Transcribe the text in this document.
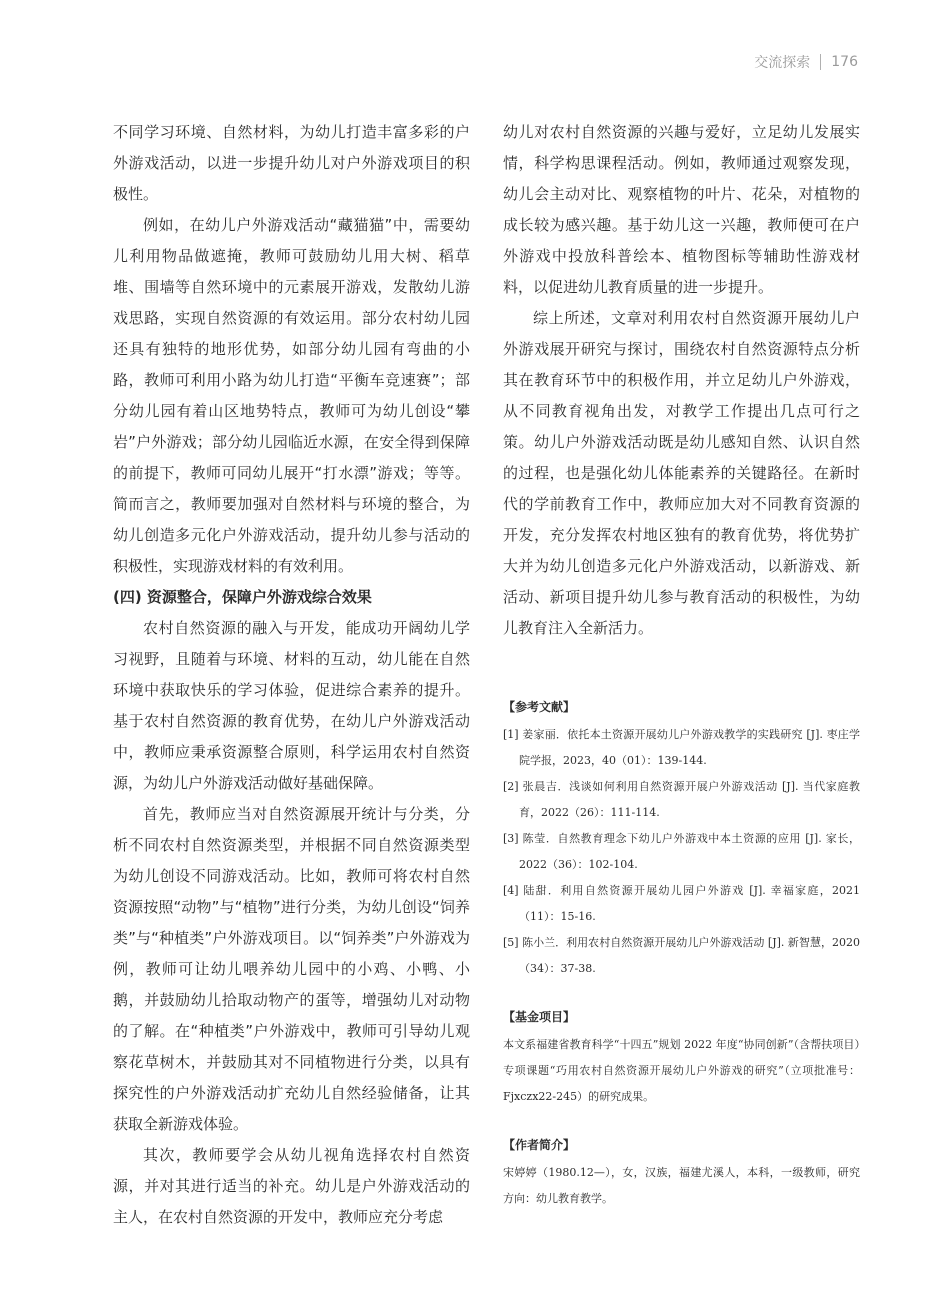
交流探索 176

不同学习环境、自然材料，为幼儿打造丰富多彩的户外游戏活动，以进一步提升幼儿对户外游戏项目的积极性。

例如，在幼儿户外游戏活动“藏猫猫”中，需要幼儿利用物品做遮掩，教师可鼓励幼儿用大树、稻草堆、围墙等自然环境中的元素展开游戏，发散幼儿游戏思路，实现自然资源的有效运用。部分农村幼儿园还具有独特的地形优势，如部分幼儿园有弯曲的小路，教师可利用小路为幼儿打造“平衡车竞速赛”；部分幼儿园有着山区地势特点，教师可为幼儿创设“攀岩”户外游戏；部分幼儿园临近水源，在安全得到保障的前提下，教师可同幼儿展开“打水漂”游戏；等等。简而言之，教师要加强对自然材料与环境的整合，为幼儿创造多元化户外游戏活动，提升幼儿参与活动的积极性，实现游戏材料的有效利用。

(四) 资源整合，保障户外游戏综合效果

农村自然资源的融入与开发，能成功开阔幼儿学习视野，且随着与环境、材料的互动，幼儿能在自然环境中获取快乐的学习体验，促进综合素养的提升。基于农村自然资源的教育优势，在幼儿户外游戏活动中，教师应秉承资源整合原则，科学运用农村自然资源，为幼儿户外游戏活动做好基础保障。

首先，教师应当对自然资源展开统计与分类，分析不同农村自然资源类型，并根据不同自然资源类型为幼儿创设不同游戏活动。比如，教师可将农村自然资源按照“动物”与“植物”进行分类，为幼儿创设“饲养类”与“种植类”户外游戏项目。以“饲养类”户外游戏为例，教师可让幼儿喂养幼儿园中的小鸡、小鸭、小鹅，并鼓励幼儿拾取动物产的蛋等，增强幼儿对动物的了解。在“种植类”户外游戏中，教师可引导幼儿观察花草树木，并鼓励其对不同植物进行分类，以具有探究性的户外游戏活动扩充幼儿自然经验储备，让其获取全新游戏体验。

其次，教师要学会从幼儿视角选择农村自然资源，并对其进行适当的补充。幼儿是户外游戏活动的主人，在农村自然资源的开发中，教师应充分考虑

幼儿对农村自然资源的兴趣与爱好，立足幼儿发展实情，科学构思课程活动。例如，教师通过观察发现，幼儿会主动对比、观察植物的叶片、花朵，对植物的成长较为感兴趣。基于幼儿这一兴趣，教师便可在户外游戏中投放科普绘本、植物图标等辅助性游戏材料，以促进幼儿教育质量的进一步提升。

综上所述，文章对利用农村自然资源开展幼儿户外游戏展开研究与探讨，围绕农村自然资源特点分析其在教育环节中的积极作用，并立足幼儿户外游戏，从不同教育视角出发，对教学工作提出几点可行之策。幼儿户外游戏活动既是幼儿感知自然、认识自然的过程，也是强化幼儿体能素养的关键路径。在新时代的学前教育工作中，教师应加大对不同教育资源的开发，充分发挥农村地区独有的教育优势，将优势扩大并为幼儿创造多元化户外游戏活动，以新游戏、新活动、新项目提升幼儿参与教育活动的积极性，为幼儿教育注入全新活力。

【参考文献】
[1] 姜家丽．依托本土资源开展幼儿户外游戏教学的实践研究 [J]. 枣庄学院学报，2023，40（01）：139-144.
[2] 张晨吉．浅谈如何利用自然资源开展户外游戏活动 [J]. 当代家庭教育，2022（26）：111-114.
[3] 陈莹．自然教育理念下幼儿户外游戏中本土资源的应用 [J]. 家长，2022（36）：102-104.
[4] 陆甜．利用自然资源开展幼儿园户外游戏 [J]. 幸福家庭，2021（11）：15-16.
[5] 陈小兰．利用农村自然资源开展幼儿户外游戏活动 [J]. 新智慧，2020（34）：37-38.
【基金项目】

本文系福建省教育科学“十四五”规划 2022 年度“协同创新”（含帮扶项目）专项课题“巧用农村自然资源开展幼儿户外游戏的研究”（立项批准号：Fjxczx22-245）的研究成果。

【作者简介】

宋婷婷（1980.12—），女，汉族，福建尤溪人，本科，一级教师，研究方向：幼儿教育教学。
